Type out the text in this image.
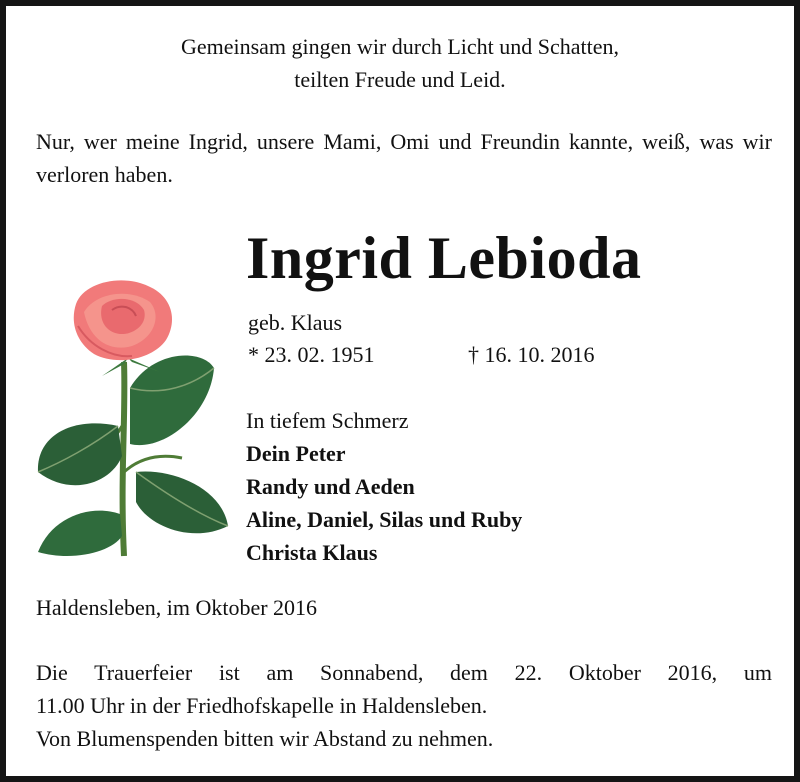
Gemeinsam gingen wir durch Licht und Schatten,
teilten Freude und Leid.

Nur, wer meine Ingrid, unsere Mami, Omi und Freundin kannte, weiß, was wir verloren haben.

Ingrid Lebioda
geb. Klaus
* 23. 02. 1951	† 16. 10. 2016
In tiefem Schmerz
Dein Peter
Randy und Aeden
Aline, Daniel, Silas und Ruby
Christa Klaus
Haldensleben, im Oktober 2016
Die Trauerfeier ist am Sonnabend, dem 22. Oktober 2016, um
11.00 Uhr in der Friedhofskapelle in Haldensleben.
Von Blumenspenden bitten wir Abstand zu nehmen.
